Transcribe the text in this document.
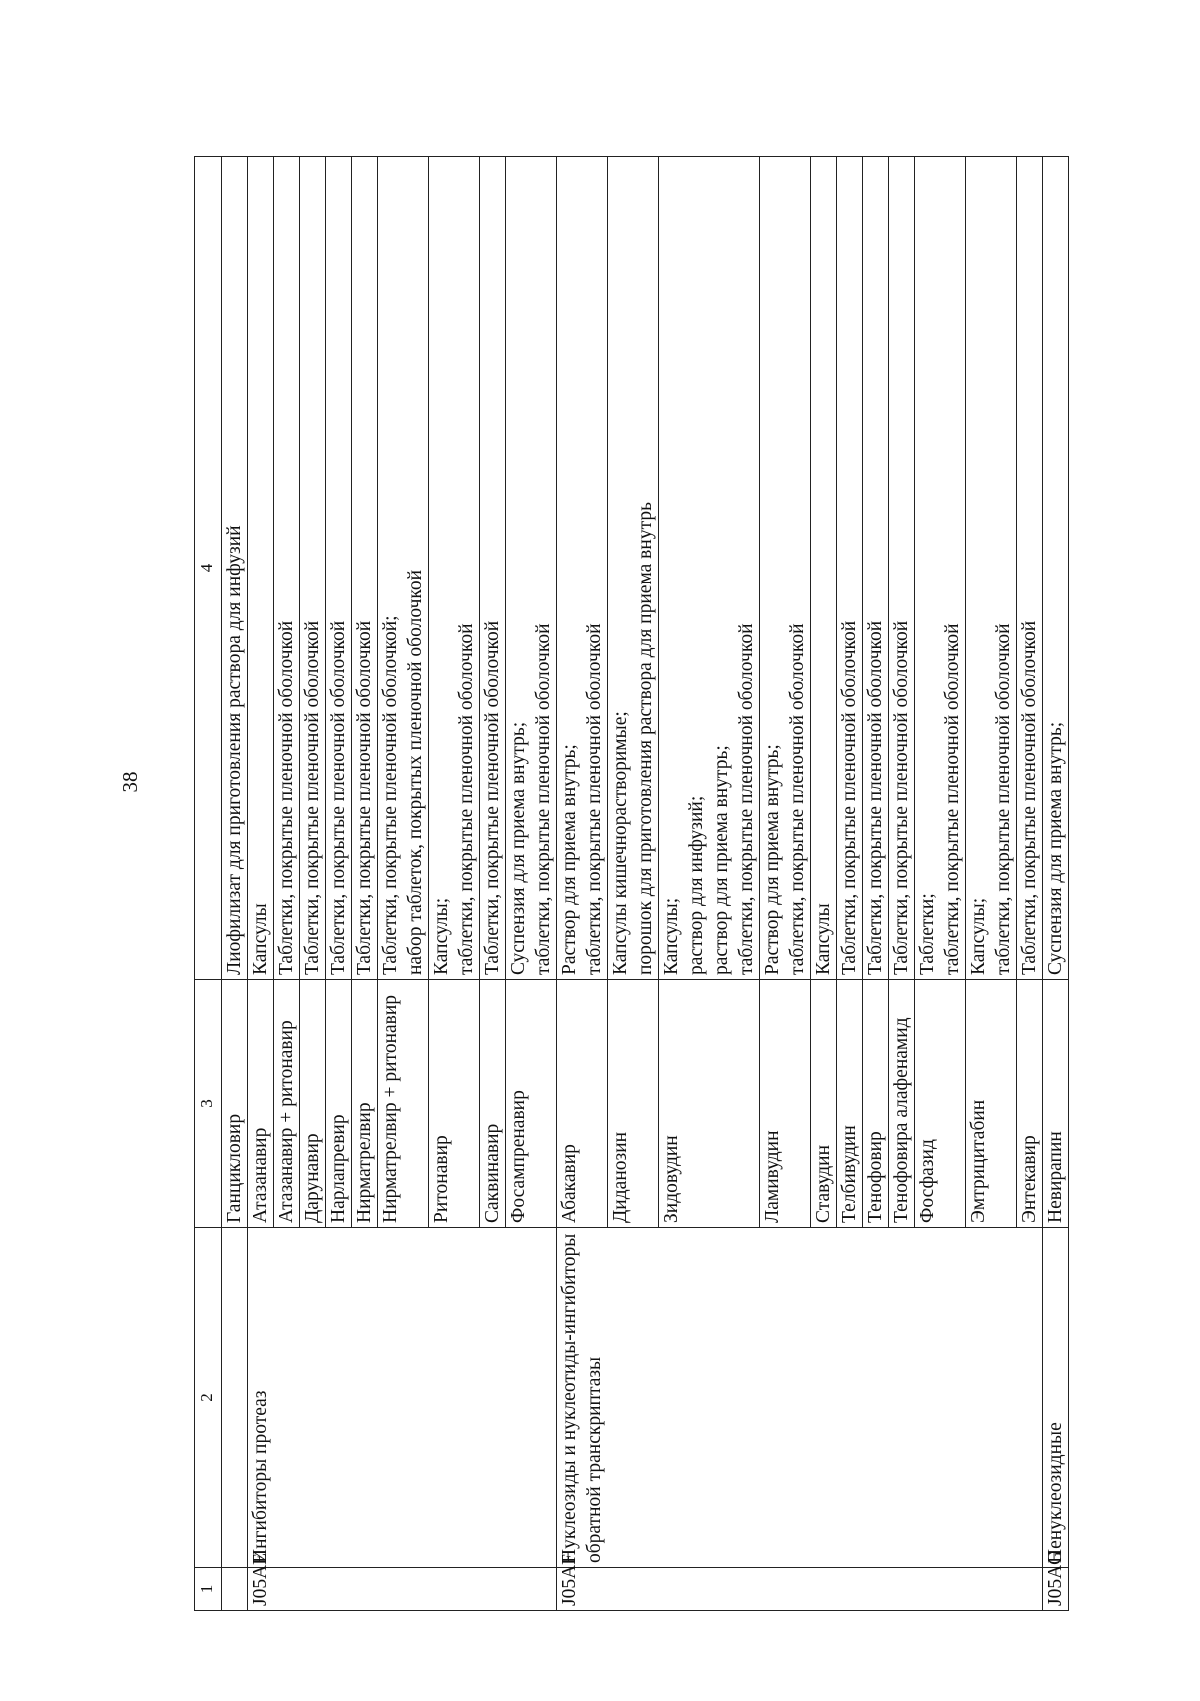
38
1	2	3	4
		Ганцикловир	Лиофилизат для приготовления раствора для инфузий

J05AE	Ингибиторы протеаз	Атазанавир	Капсулы

		Атазанавир + ритонавир	Таблетки, покрытые пленочной оболочкой

		Дарунавир	Таблетки, покрытые пленочной оболочкой

		Нарлапревир	Таблетки, покрытые пленочной оболочкой

		Нирматрелвир	Таблетки, покрытые пленочной оболочкой

		Нирматрелвир + ритонавир	Таблетки, покрытые пленочной оболочкой; набор таблеток, покрытых пленочной оболочкой

		Ритонавир	Капсулы; таблетки, покрытые пленочной оболочкой

		Саквинавир	Таблетки, покрытые пленочной оболочкой

		Фосампренавир	Суспензия для приема внутрь; таблетки, покрытые пленочной оболочкой

J05AF	Нуклеозиды и нуклеотиды-ингибиторы обратной транскриптазы	Абакавир	Раствор для приема внутрь; таблетки, покрытые пленочной оболочкой

		Диданозин	Капсулы кишечнорастворимые; порошок для приготовления раствора для приема внутрь

		Зидовудин	Капсулы; раствор для инфузий; раствор для приема внутрь; таблетки, покрытые пленочной оболочкой

		Ламивудин	Раствор для приема внутрь; таблетки, покрытые пленочной оболочкой

		Ставудин	Капсулы

		Телбивудин	Таблетки, покрытые пленочной оболочкой

		Тенофовир	Таблетки, покрытые пленочной оболочкой

		Тенофовира алафенамид	Таблетки, покрытые пленочной оболочкой

		Фосфазид	Таблетки; таблетки, покрытые пленочной оболочкой

		Эмтрицитабин	Капсулы; таблетки, покрытые пленочной оболочкой

		Энтекавир	Таблетки, покрытые пленочной оболочкой

J05AG	Ненуклеозидные	Невирапин	Суспензия для приема внутрь;
